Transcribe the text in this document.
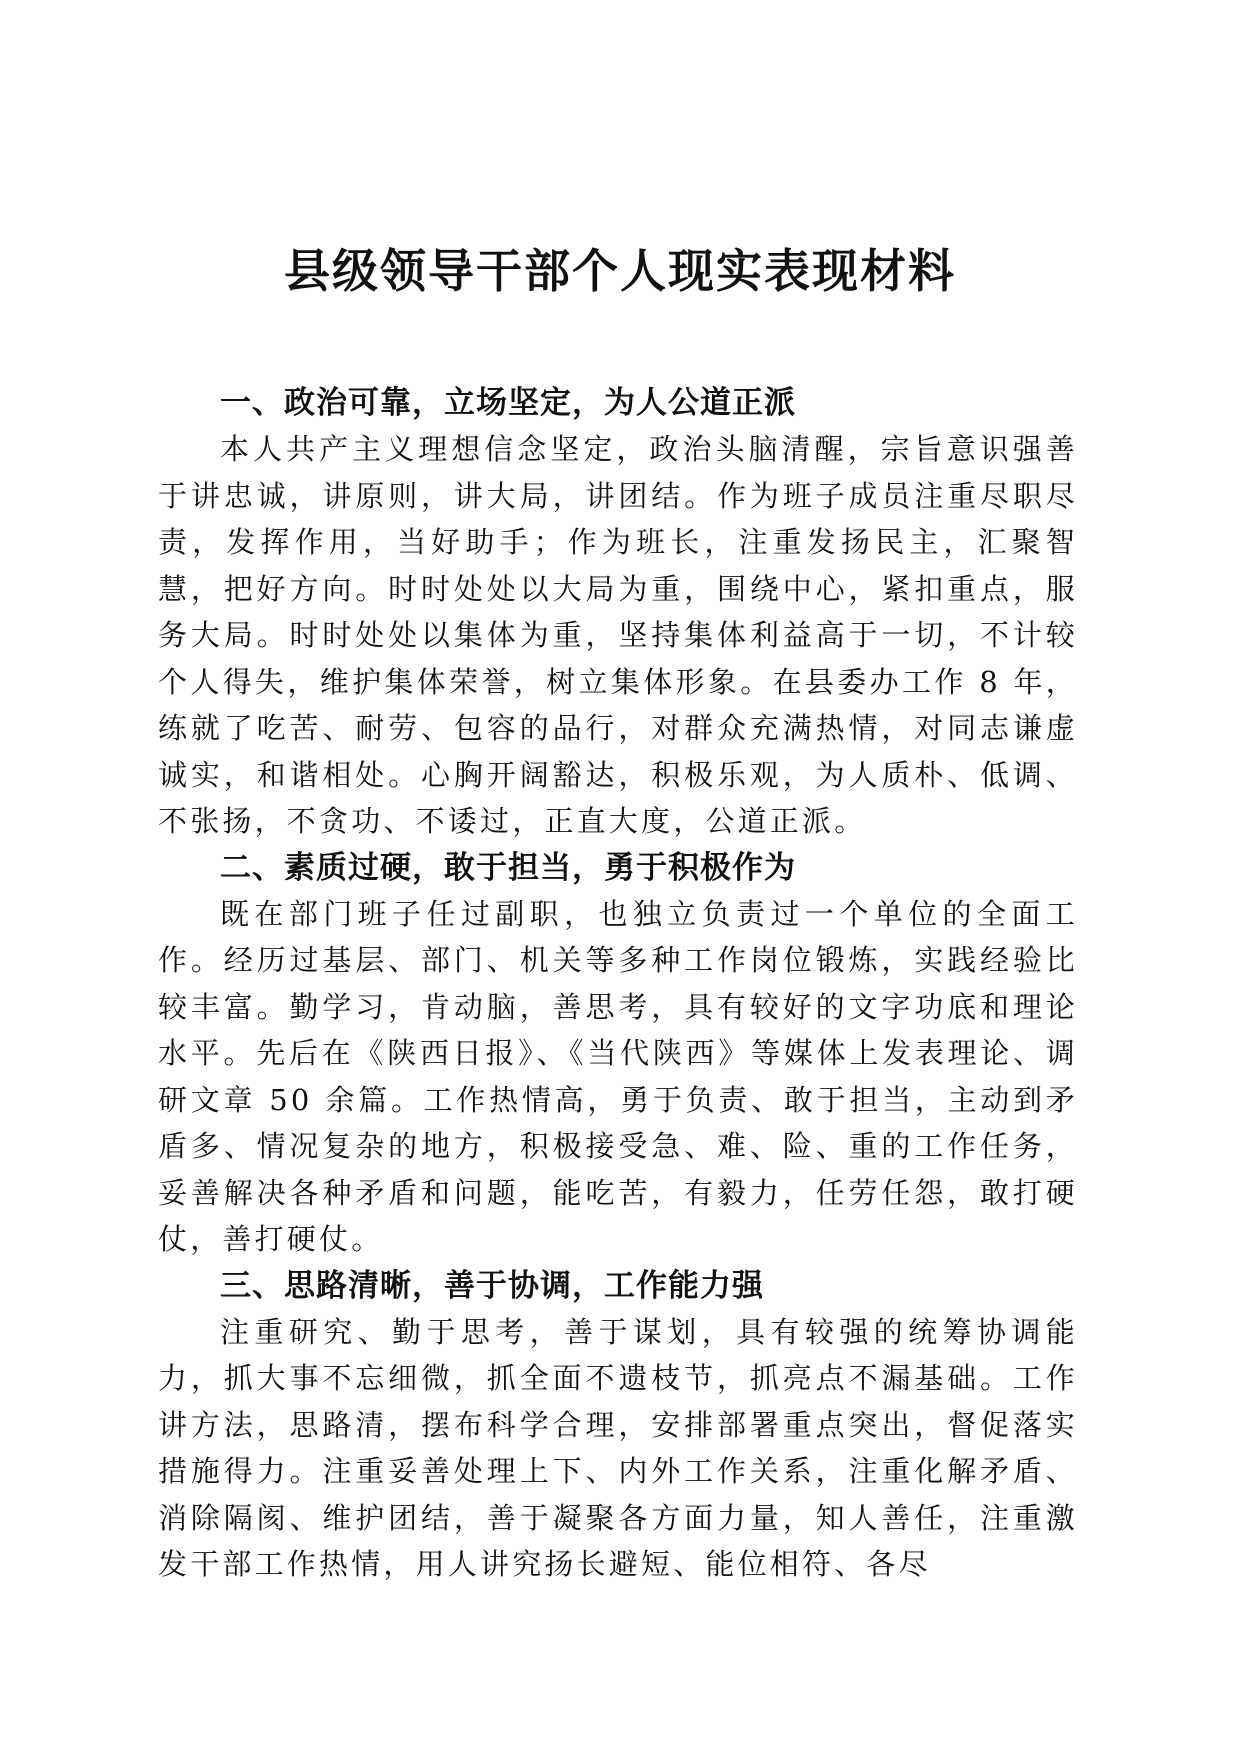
县级领导干部个人现实表现材料
一、政治可靠，立场坚定，为人公道正派

本人共产主义理想信念坚定，政治头脑清醒，宗旨意识强善于讲忠诚，讲原则，讲大局，讲团结。作为班子成员注重尽职尽责，发挥作用，当好助手；作为班长，注重发扬民主，汇聚智慧，把好方向。时时处处以大局为重，围绕中心，紧扣重点，服务大局。时时处处以集体为重，坚持集体利益高于一切，不计较个人得失，维护集体荣誉，树立集体形象。在县委办工作 8 年，练就了吃苦、耐劳、包容的品行，对群众充满热情，对同志谦虚诚实，和谐相处。心胸开阔豁达，积极乐观，为人质朴、低调、不张扬，不贪功、不诿过，正直大度，公道正派。

二、素质过硬，敢于担当，勇于积极作为

既在部门班子任过副职，也独立负责过一个单位的全面工作。经历过基层、部门、机关等多种工作岗位锻炼，实践经验比较丰富。勤学习，肯动脑，善思考，具有较好的文字功底和理论水平。先后在《陕西日报》、《当代陕西》等媒体上发表理论、调研文章 50 余篇。工作热情高，勇于负责、敢于担当，主动到矛盾多、情况复杂的地方，积极接受急、难、险、重的工作任务，妥善解决各种矛盾和问题，能吃苦，有毅力，任劳任怨，敢打硬仗，善打硬仗。

三、思路清晰，善于协调，工作能力强

注重研究、勤于思考，善于谋划，具有较强的统筹协调能力，抓大事不忘细微，抓全面不遗枝节，抓亮点不漏基础。工作讲方法，思路清，摆布科学合理，安排部署重点突出，督促落实措施得力。注重妥善处理上下、内外工作关系，注重化解矛盾、消除隔阂、维护团结，善于凝聚各方面力量，知人善任，注重激发干部工作热情，用人讲究扬长避短、能位相符、各尽
